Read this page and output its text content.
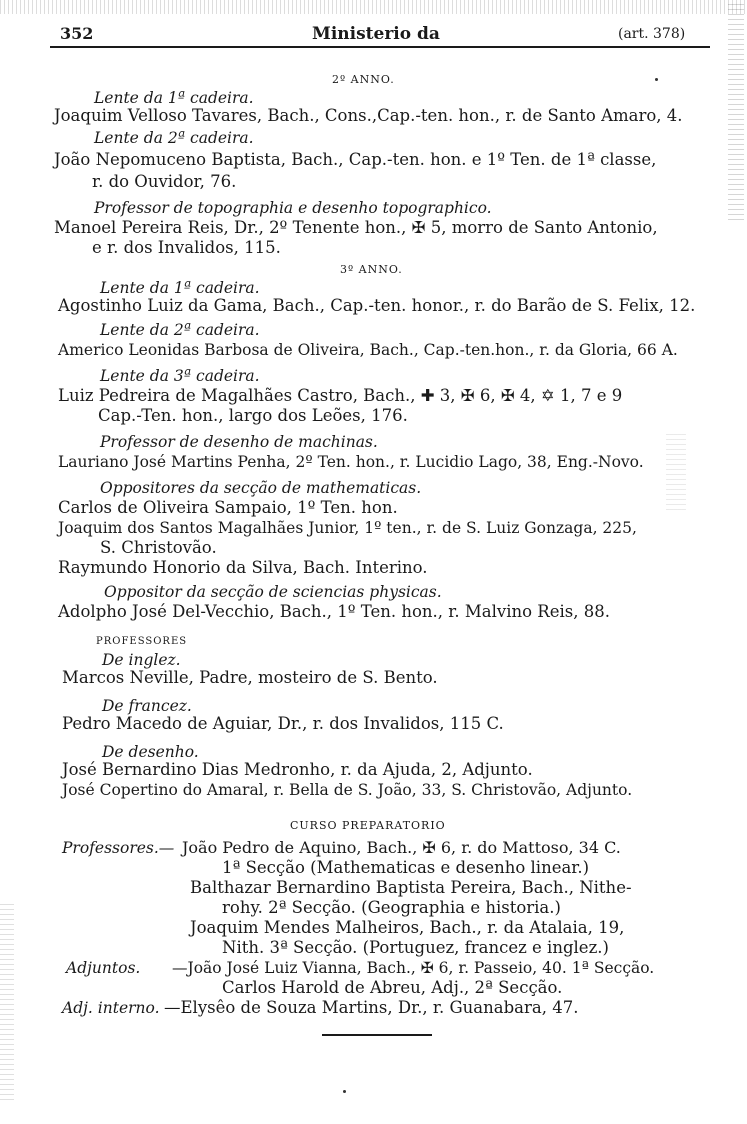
352	Ministerio da	(art. 378)
2º ANNO.
Lente da 1ª cadeira.
Joaquim Velloso Tavares, Bach., Cons.,Cap.-ten. hon., r. de Santo Amaro, 4.
Lente da 2ª cadeira.
João Nepomuceno Baptista, Bach., Cap.-ten. hon. e 1º Ten. de 1ª classe,
r. do Ouvidor, 76.
Professor de topographia e desenho topographico.
Manoel Pereira Reis, Dr., 2º Tenente hon., ✠ 5, morro de Santo Antonio,
e r. dos Invalidos, 115.
3º ANNO.
Lente da 1ª cadeira.
Agostinho Luiz da Gama, Bach., Cap.-ten. honor., r. do Barão de S. Felix, 12.
Lente da 2ª cadeira.
Americo Leonidas Barbosa de Oliveira, Bach., Cap.-ten.hon., r. da Gloria, 66 A.
Lente da 3ª cadeira.
Luiz Pedreira de Magalhães Castro, Bach., ✚ 3, ✠ 6, ✠ 4, ✡ 1, 7 e 9
Cap.-Ten. hon., largo dos Leões, 176.
Professor de desenho de machinas.
Lauriano José Martins Penha, 2º Ten. hon., r. Lucidio Lago, 38, Eng.-Novo.
Oppositores da secção de mathematicas.
Carlos de Oliveira Sampaio, 1º Ten. hon.
Joaquim dos Santos Magalhães Junior, 1º ten., r. de S. Luiz Gonzaga, 225,
S. Christovão.
Raymundo Honorio da Silva, Bach. Interino.
Oppositor da secção de sciencias physicas.
Adolpho José Del-Vecchio, Bach., 1º Ten. hon., r. Malvino Reis, 88.
PROFESSORES
De inglez.
Marcos Neville, Padre, mosteiro de S. Bento.
De francez.
Pedro Macedo de Aguiar, Dr., r. dos Invalidos, 115 C.
De desenho.
José Bernardino Dias Medronho, r. da Ajuda, 2, Adjunto.
José Copertino do Amaral, r. Bella de S. João, 33, S. Christovão, Adjunto.
CURSO PREPARATORIO
Professores.— João Pedro de Aquino, Bach., ✠ 6, r. do Mattoso, 34 C.
1ª Secção (Mathematicas e desenho linear.)
Balthazar Bernardino Baptista Pereira, Bach., Nithe-
rohy. 2ª Secção. (Geographia e historia.)
Joaquim Mendes Malheiros, Bach., r. da Atalaia, 19,
Nith. 3ª Secção. (Portuguez, francez e inglez.)
Adjuntos. —João José Luiz Vianna, Bach., ✠ 6, r. Passeio, 40. 1ª Secção.
Carlos Harold de Abreu, Adj., 2ª Secção.
Adj. interno. —Elysêo de Souza Martins, Dr., r. Guanabara, 47.
